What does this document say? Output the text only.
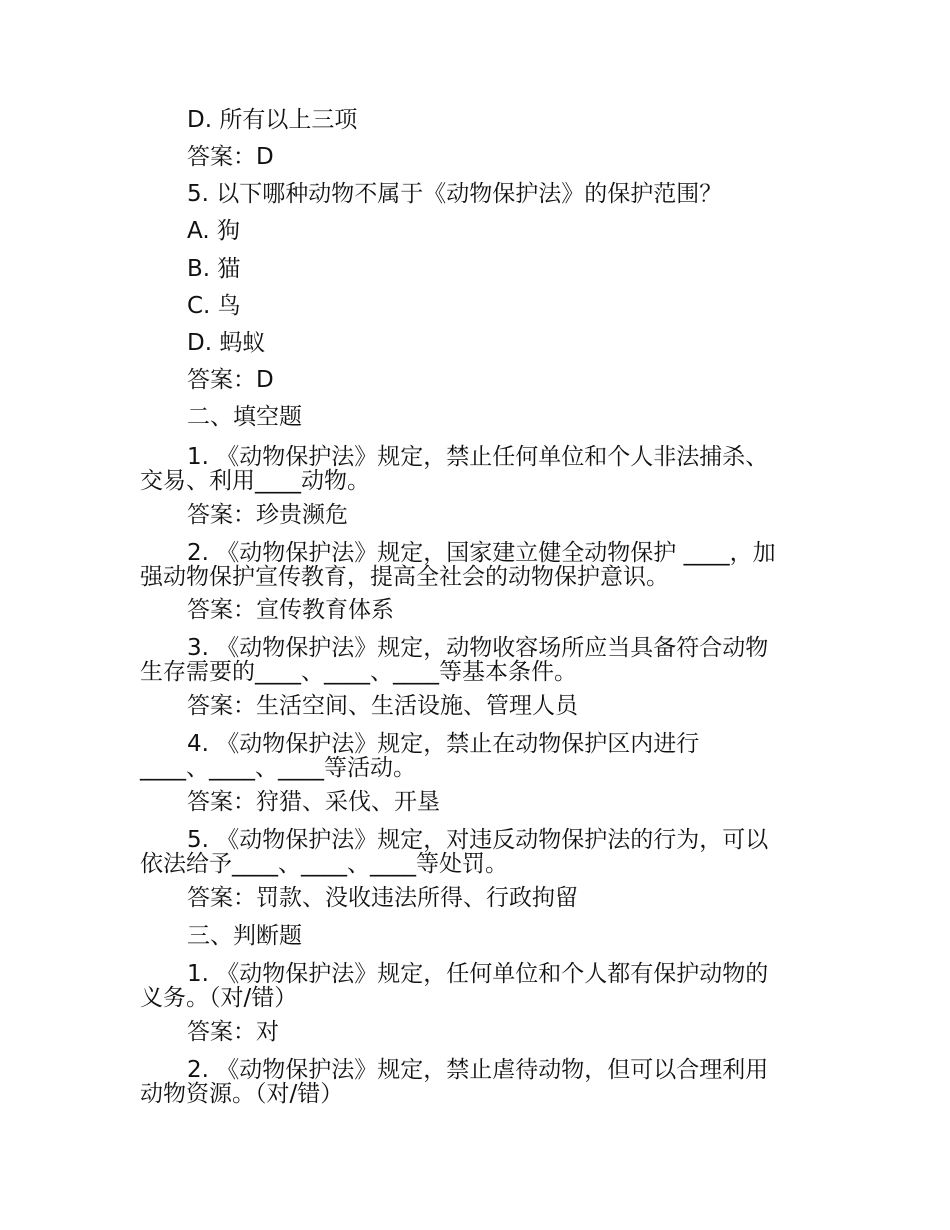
D. 所有以上三项

答案：D

5. 以下哪种动物不属于《动物保护法》的保护范围？

A. 狗

B. 猫

C. 鸟

D. 蚂蚁

答案：D

二、填空题

1. 《动物保护法》规定，禁止任何单位和个人非法捕杀、
交易、利用____动物。

答案：珍贵濒危

2. 《动物保护法》规定，国家建立健全动物保护 ____，加
强动物保护宣传教育，提高全社会的动物保护意识。

答案：宣传教育体系

3. 《动物保护法》规定，动物收容场所应当具备符合动物
生存需要的____、____、____等基本条件。

答案：生活空间、生活设施、管理人员

4. 《动物保护法》规定，禁止在动物保护区内进行
____、____、____等活动。

答案：狩猎、采伐、开垦

5. 《动物保护法》规定，对违反动物保护法的行为，可以
依法给予____、____、____等处罚。

答案：罚款、没收违法所得、行政拘留

三、判断题

1. 《动物保护法》规定，任何单位和个人都有保护动物的
义务。（对/错）

答案：对

2. 《动物保护法》规定，禁止虐待动物，但可以合理利用
动物资源。（对/错）
